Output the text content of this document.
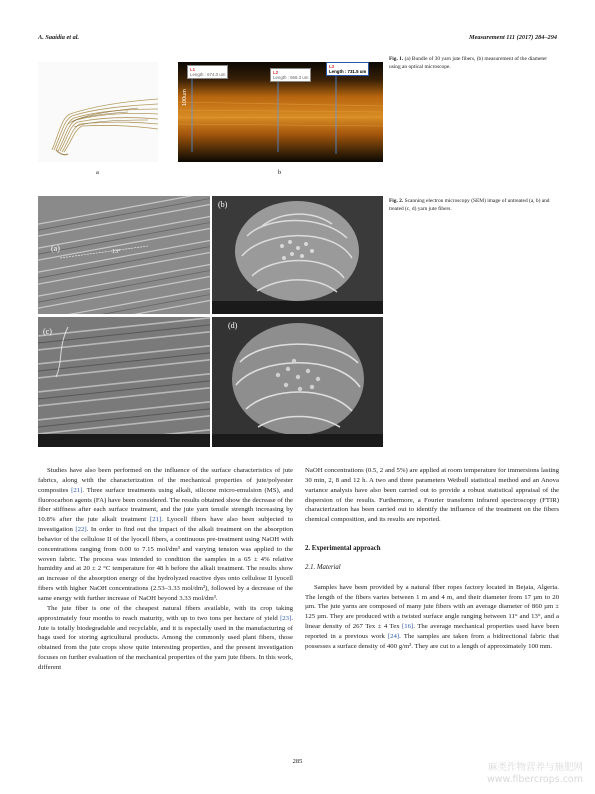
A. Saaidia et al.	Measurement 111 (2017) 284–294
a
100um
L1
Length : 674.0 um	L2
Length : 668.3 um
L3
Length : 731.5 um
b
Fig. 1. (a) Bundle of 30 yarn jute fibers, (b) measurement of the diameter using an optical microscope.
(a)	13°
(b)
(c)
(d)
Fig. 2. Scanning electron microscopy (SEM) image of untreated (a, b) and treated (c, d) yarn jute fibers.

Studies have also been performed on the influence of the surface characteristics of jute fabrics, along with the characterization of the mechanical properties of jute/polyester composites [21]. Three surface treatments using alkali, silicone micro-emulsion (MS), and fluorocarbon agents (FA) have been considered. The results obtained show the decrease of the fiber stiffness after each surface treatment, and the jute yarn tensile strength increasing by 10.8% after the jute alkali treatment [21]. Lyocell fibers have also been subjected to investigation [22]. In order to find out the impact of the alkali treatment on the absorption behavior of the cellulose II of the lyocell fibers, a continuous pre-treatment using NaOH with concentrations ranging from 0.00 to 7.15 mol/dm³ and varying tension was applied to the woven fabric. The process was intended to condition the samples in a 65 ± 4% relative humidity and at 20 ± 2 °C temperature for 48 h before the alkali treatment. The results show an increase of the absorption energy of the hydrolyzed reactive dyes onto cellulose II lyocell fibers with higher NaOH concentrations (2.53–3.33 mol/dm³), followed by a decrease of the same energy with further increase of NaOH beyond 3.33 mol/dm³.

The jute fiber is one of the cheapest natural fibers available, with its crop taking approximately four months to reach maturity, with up to two tons per hectare of yield [23]. Jute is totally biodegradable and recyclable, and it is especially used in the manufacturing of bags used for storing agricultural products. Among the commonly used plant fibers, those obtained from the jute crops show quite interesting properties, and the present investigation focuses on further evaluation of the mechanical properties of the yarn jute fibers. In this work, different

NaOH concentrations (0.5, 2 and 5%) are applied at room temperature for immersions lasting 30 min, 2, 8 and 12 h. A two and three parameters Weibull statistical method and an Anova variance analysis have also been carried out to provide a robust statistical appraisal of the dispersion of the results. Furthermore, a Fourier transform infrared spectroscopy (FTIR) characterization has been carried out to identify the influence of the treatment on the fibers chemical composition, and its results are reported.

2. Experimental approach
2.1. Material

Samples have been provided by a natural fiber ropes factory located in Bejaia, Algeria. The length of the fibers varies between 1 m and 4 m, and their diameter from 17 µm to 20 µm. The jute yarns are composed of many jute fibers with an average diameter of 860 µm ± 125 µm. They are produced with a twisted surface angle ranging between 11° and 13°, and a linear density of 267 Tex ± 4 Tex [16]. The average mechanical properties used have been reported in a previous work [24]. The samples are taken from a bidirectional fabric that possesses a surface density of 400 g/m². They are cut to a length of approximately 100 mm.

285
麻类作物营养与施肥网
www.fibercrops.com
